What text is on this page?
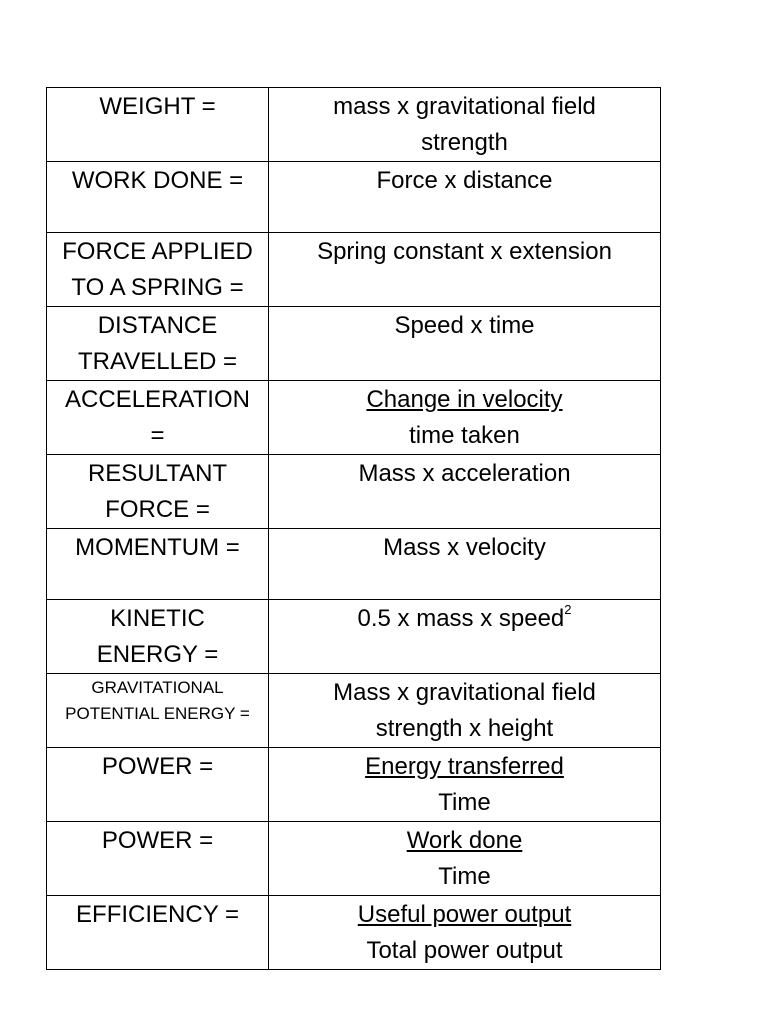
WEIGHT =	mass x gravitational field
strength

WORK DONE =	Force x distance

FORCE APPLIED
TO A SPRING =	Spring constant x extension

DISTANCE
TRAVELLED =	Speed x time

ACCELERATION
=	Change in velocity
time taken

RESULTANT
FORCE =	Mass x acceleration

MOMENTUM =	Mass x velocity

KINETIC
ENERGY =	0.5 x mass x speed$^2$

GRAVITATIONAL
POTENTIAL ENERGY =	Mass x gravitational field
strength x height

POWER =	Energy transferred
Time

POWER =	Work done
Time

EFFICIENCY =	Useful power output
Total power output
